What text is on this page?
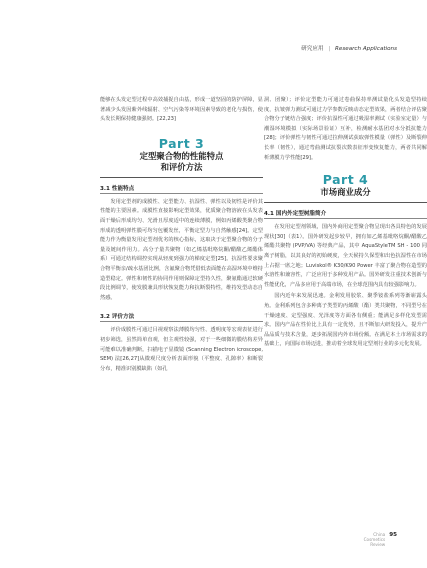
研究应用 | Research Applications

能够在头发定型过程中高效捕捉自由基，形成一道坚固的防护屏障，显著减少头发因紫外线辐射、空气污染等环境因素导致的老化与损伤，使头发长期保持健康强韧。[22,23]

Part 3
定型聚合物的性能特点
和评价方法
3.1 性能特点

发用定型剂的成膜性、定型能力、抗湿性、弹性以及韧性是评价其性能的主要因素。成膜性直接影响定型效果，优质聚合物溶液在头发表面干燥后形成均匀、光滑且厚度适中的连续薄膜，例如丙烯酸类聚合物形成的透明弹性膜可均匀包覆发丝，平衡定型力与自然触感[24]。定型能力作为衡量发用定型剂优劣的核心指标，这取决于定型聚合物的分子量及链间作用力。高分子量共聚物（如乙烯基吡咯烷酮/醋酸乙烯酯体系）可通过结构调控实现从轻度到强力的梯度定型[25]。抗湿性要求聚合物平衡亲/疏水基团比例，含氟聚合物凭借低表面能在高湿环境中维持造型稳定。弹性和韧性的协同作用则保障定型持久性，聚氨酯通过软硬段比例调节，使发膜兼具形状恢复能力和抗断裂特性，维持发型动态自然感。

3.2 评价方法

评价成膜性可通过目视观察法薄膜均匀性、透明度等宏观表征进行初步筛选，虽然简单直观，但主观性较强，对于一些细微的膜结构差异可能难以准确判断。扫描电子显微镜 (Scanning Electron icroscope, SEM) 法[26,27]从微观尺度分析表面形貌（平整度、孔隙率）和断裂分布，精准识别膜缺陷（如孔

洞、团聚）；评价定型能力可通过卷曲保持率测试量化头发造型持续度，抗皱弹力测试可通过力学参数反映动态定型效果，两者结合评估聚合物分子链结合强度；评价抗湿性可通过吸湿率测试（实验室定量）与潮湿环境模拟（实际场景验证）互补，检测耐水基团对水分抵抗能力[28]；评价弹性与韧性可通过拉伸测试获取弹性模量（弹性）及断裂伸长率（韧性），通过弯曲测试抗裂次数表征形变恢复能力，两者共同解析薄膜力学性能[29]。

Part 4
市场商业成分
4.1 国内外定型树脂简介

在发用定型剂领域，国内外商用定型聚合物呈现出各具特色的发展现状[30]（表1）。国外研发起步较早，拥有如乙烯基吡咯烷酮/醋酸乙烯酯共聚物 (PVP/VA) 等经典产品，其中 AquaStyleTM SH - 100 同离子树脂，以其良好的初始硬度，全天候持久保型和出色抗湿性在市场上占据一席之地；Luviskol® K30/K90 Power 丰富了聚合物在造型的水溶性和兼容性，广泛应用于多种发用产品。国外研发注重技术创新与性能优化，产品多应用于高端市场，在全球范围内具有较强影响力。

国内近年来发展迅速。金利发用胶浆、聚季铵盐系列等渐崭露头角。金利系列包含多种离子类型的丙烯酸（酯）类共聚物，不同型号在干燥速度、定型强度、光泽度等方面各有侧重；能满足多样化发型需求。国内产品在性价比上具有一定优势，且不断加大研发投入，提升产品品质与技术含量，逐步拓展国内外市场份额。在满足本土市场需求的基础上，向国际市场迈进，推动着全球发用定型剂行业的多元化发展。

China
Cosmetics
Review
95
